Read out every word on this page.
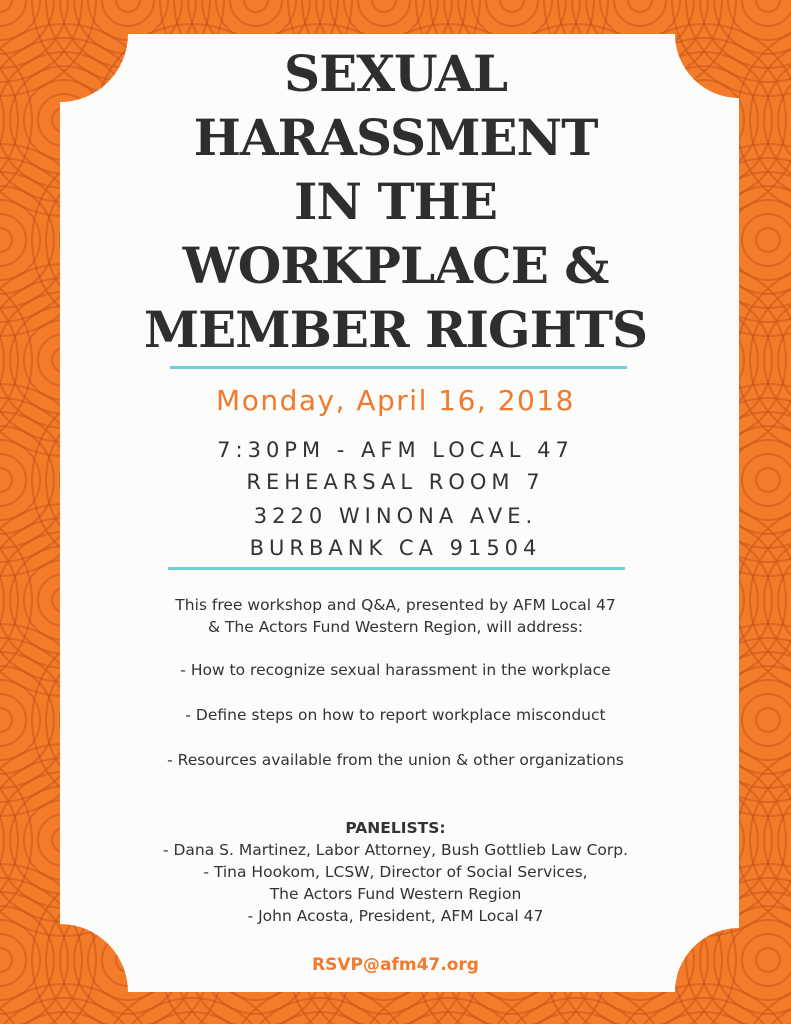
SEXUAL
HARASSMENT
IN THE
WORKPLACE &
MEMBER RIGHTS
Monday, April 16, 2018
7:30PM - AFM LOCAL 47
REHEARSAL ROOM 7
3220 WINONA AVE.
BURBANK CA 91504
This free workshop and Q&A, presented by AFM Local 47
& The Actors Fund Western Region, will address:
- How to recognize sexual harassment in the workplace
- Define steps on how to report workplace misconduct
- Resources available from the union & other organizations
PANELISTS:
- Dana S. Martinez, Labor Attorney, Bush Gottlieb Law Corp.
- Tina Hookom, LCSW, Director of Social Services,
The Actors Fund Western Region
- John Acosta, President, AFM Local 47
RSVP@afm47.org
